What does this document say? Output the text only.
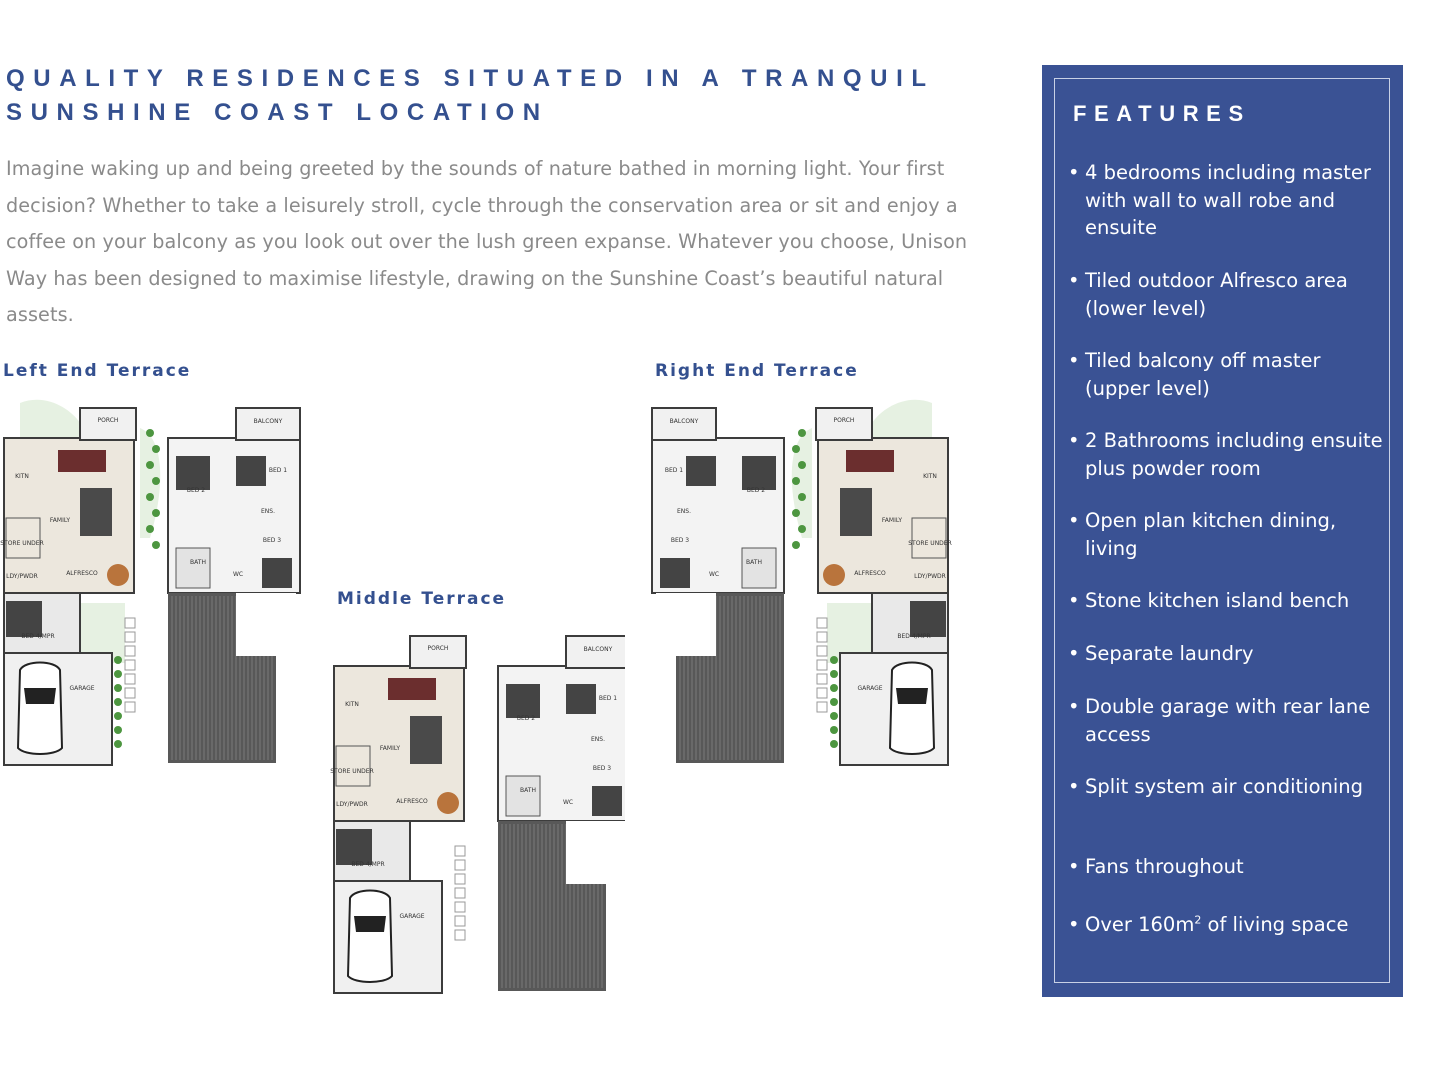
QUALITY RESIDENCES SITUATED IN A TRANQUIL
SUNSHINE COAST LOCATION

Imagine waking up and being greeted by the sounds of nature bathed in morning light. Your first decision? Whether to take a leisurely stroll, cycle through the conservation area or sit and enjoy a coffee on your balcony as you look out over the lush green expanse. Whatever you choose, Unison Way has been designed to maximise lifestyle, drawing on the Sunshine Coast’s beautiful natural assets.

Left End Terrace
Middle Terrace
Right End Terrace
PORCH
KITN
FAMILY
STORE UNDER
LDY/PWDR	ALFRESCO
BED 4/MPR
GARAGE
BALCONY
BED 1
BED 2
ENS.
BED 3
BATH
WC
PORCH
KITN
FAMILY
STORE UNDER
LDY/PWDR	ALFRESCO
BED 4/MPR
GARAGE
BALCONY
BED 1
BED 2
ENS.
BED 3
BATH
WC
PORCH
KITN
FAMILY
STORE UNDER
LDY/PWDR
ALFRESCO
BED 4/MPR
GARAGE
BALCONY
BED 1
BED 2
ENS.
BED 3
BATH
WC
FEATURES
• 4 bedrooms including master with wall to wall robe and ensuite
• Tiled outdoor Alfresco area (lower level)
• Tiled balcony off master (upper level)
• 2 Bathrooms including ensuite plus powder room
• Open plan kitchen dining, living
• Stone kitchen island bench
• Separate laundry
• Double garage with rear lane access
• Split system air conditioning
• Fans throughout
• Over $160m^2$ of living space
